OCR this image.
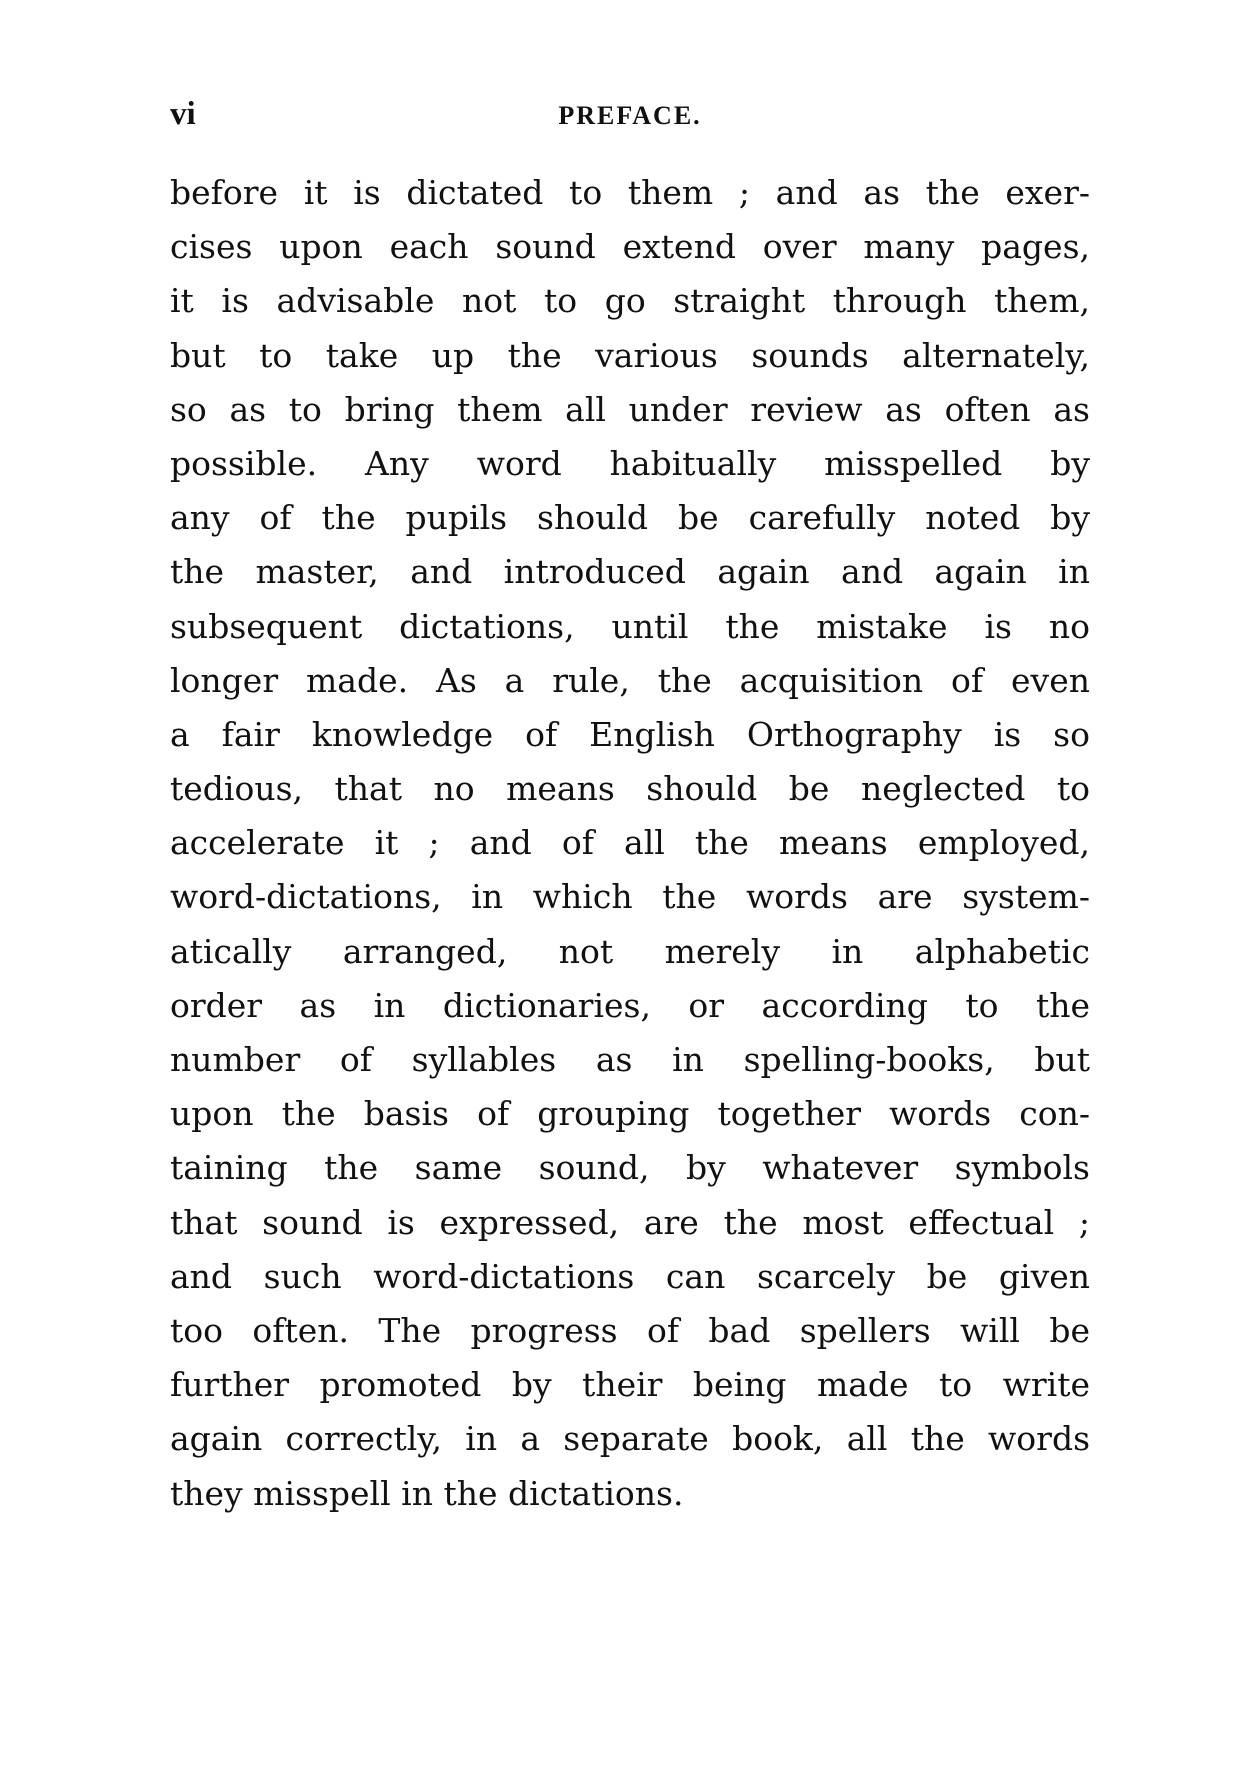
vi	PREFACE.
before it is dictated to them ; and as the exer-
cises upon each sound extend over many pages,
it is advisable not to go straight through them,
but to take up the various sounds alternately,
so as to bring them all under review as often as
possible. Any word habitually misspelled by
any of the pupils should be carefully noted by
the master, and introduced again and again in
subsequent dictations, until the mistake is no
longer made. As a rule, the acquisition of even
a fair knowledge of English Orthography is so
tedious, that no means should be neglected to
accelerate it ; and of all the means employed,
word-dictations, in which the words are system-
atically arranged, not merely in alphabetic
order as in dictionaries, or according to the
number of syllables as in spelling-books, but
upon the basis of grouping together words con-
taining the same sound, by whatever symbols
that sound is expressed, are the most effectual ;
and such word-dictations can scarcely be given
too often. The progress of bad spellers will be
further promoted by their being made to write
again correctly, in a separate book, all the words
they misspell in the dictations.
